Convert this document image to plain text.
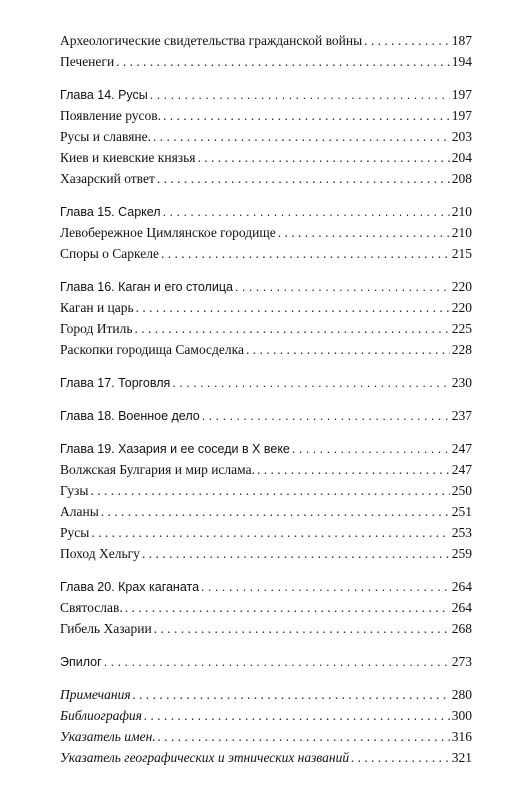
Археологические свидетельства гражданской войны . . .	187
Печенеги . . .	194
Глава 14. Русы . . .	197
Появление русов. . . .	197
Русы и славяне. . . .	203
Киев и киевские князья . . .	204
Хазарский ответ . . .	208
Глава 15. Саркел . . .	210
Левобережное Цимлянское городище . . .	210
Споры о Саркеле . . .	215
Глава 16. Каган и его столица . . .	220
Каган и царь . . .	220
Город Итиль . . .	225
Раскопки городища Самосделка . . .	228
Глава 17. Торговля . . .	230
Глава 18. Военное дело . . .	237
Глава 19. Хазария и ее соседи в X веке . . .	247
Волжская Булгария и мир ислама. . . .	247
Гузы . . .	250
Аланы . . .	251
Русы . . .	253
Поход Хельгу . . .	259
Глава 20. Крах каганата . . .	264
Святослав. . . .	264
Гибель Хазарии . . .	268
Эпилог . . .	273
Примечания . . .	280
Библиография . . .	300
Указатель имен. . . .	316
Указатель географических и этнических названий . . .	321
